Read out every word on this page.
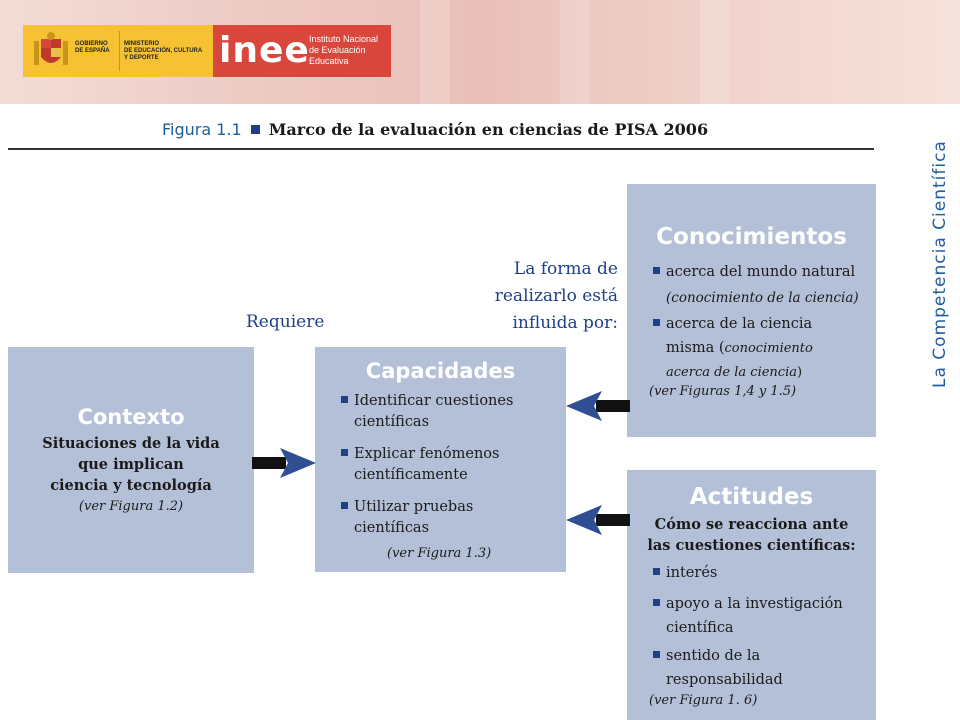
GOBIERNO
DE ESPAÑA
MINISTERIO
DE EDUCACIÓN, CULTURA
Y DEPORTE	inee Instituto Nacional
de Evaluación
Educativa
Figura 1.1 Marco de la evaluación en ciencias de PISA 2006
La Competencia Científica
Contexto
Situaciones de la vida
que implican
ciencia y tecnología
(ver Figura 1.2)
Requiere
Capacidades
Identificar cuestiones
científicas
Explicar fenómenos
científicamente
Utilizar pruebas
científicas
(ver Figura 1.3)
La forma de
realizarlo está
influida por:
Conocimientos
acerca del mundo natural
(conocimiento de la ciencia)
acerca de la ciencia
misma (conocimiento
acerca de la ciencia)
(ver Figuras 1,4 y 1.5)
Actitudes
Cómo se reacciona ante
las cuestiones científicas:
interés
apoyo a la investigación
científica
sentido de la
responsabilidad
(ver Figura 1. 6)
